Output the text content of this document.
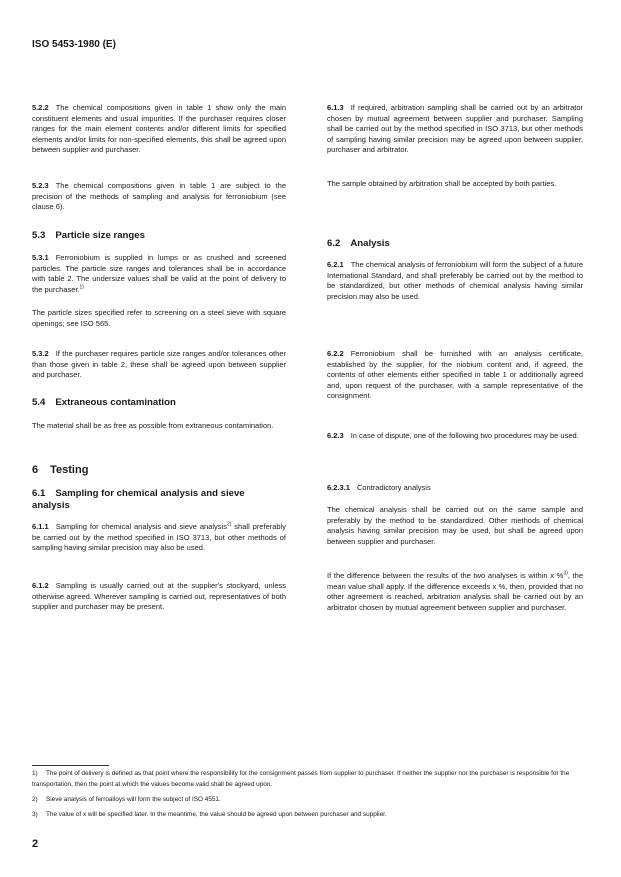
ISO 5453-1980 (E)

5.2.2 The chemical compositions given in table 1 show only the main constituent elements and usual impurities. If the purchaser requires closer ranges for the main element contents and/or different limits for specified elements and/or limits for non-specified elements, this shall be agreed upon between supplier and purchaser.

5.2.3 The chemical compositions given in table 1 are subject to the precision of the methods of sampling and analysis for ferroniobium (see clause 6).

5.3 Particle size ranges

5.3.1 Ferroniobium is supplied in lumps or as crushed and screened particles. The particle size ranges and tolerances shall be in accordance with table 2. The undersize values shall be valid at the point of delivery to the purchaser.$^{1)}$

The particle sizes specified refer to screening on a steel sieve with square openings; see ISO 565.

5.3.2 If the purchaser requires particle size ranges and/or tolerances other than those given in table 2, these shall be agreed upon between supplier and purchaser.

5.4 Extraneous contamination

The material shall be as free as possible from extraneous contamination.

6 Testing

6.1 Sampling for chemical analysis and sieve analysis

6.1.1 Sampling for chemical analysis and sieve analysis$^{2)}$ shall preferably be carried out by the method specified in ISO 3713, but other methods of sampling having similar precision may also be used.

6.1.2 Sampling is usually carried out at the supplier's stockyard, unless otherwise agreed. Wherever sampling is carried out, representatives of both supplier and purchaser may be present.

6.1.3 If required, arbitration sampling shall be carried out by an arbitrator chosen by mutual agreement between supplier and purchaser. Sampling shall be carried out by the method specified in ISO 3713, but other methods of sampling having similar precision may be agreed upon between supplier, purchaser and arbitrator.

The sample obtained by arbitration shall be accepted by both parties.

6.2 Analysis

6.2.1 The chemical analysis of ferroniobium will form the subject of a future International Standard, and shall preferably be carried out by the method to be standardized, but other methods of chemical analysis having similar precision may also be used.

6.2.2 Ferroniobium shall be furnished with an analysis certificate, established by the supplier, for the niobium content and, if agreed, the contents of other elements either specified in table 1 or additionally agreed and, upon request of the purchaser, with a sample representative of the consignment.

6.2.3 In case of dispute, one of the following two procedures may be used.

6.2.3.1 Contradictory analysis

The chemical analysis shall be carried out on the same sample and preferably by the method to be standardized. Other methods of chemical analysis having similar precision may be used, but shall be agreed upon between supplier and purchaser.

If the difference between the results of the two analyses is within x %$^{3)}$, the mean value shall apply. If the difference exceeds x %, then, provided that no other agreement is reached, arbitration analysis shall be carried out by an arbitrator chosen by mutual agreement between supplier and purchaser.

1) The point of delivery is defined as that point where the responsibility for the consignment passes from supplier to purchaser. If neither the supplier nor the purchaser is responsible for the transportation, then the point at which the values become valid shall be agreed upon.

2) Sieve analysis of ferroalloys will form the subject of ISO 4551.

3) The value of x will be specified later. In the meantime, the value should be agreed upon between purchaser and supplier.

2
